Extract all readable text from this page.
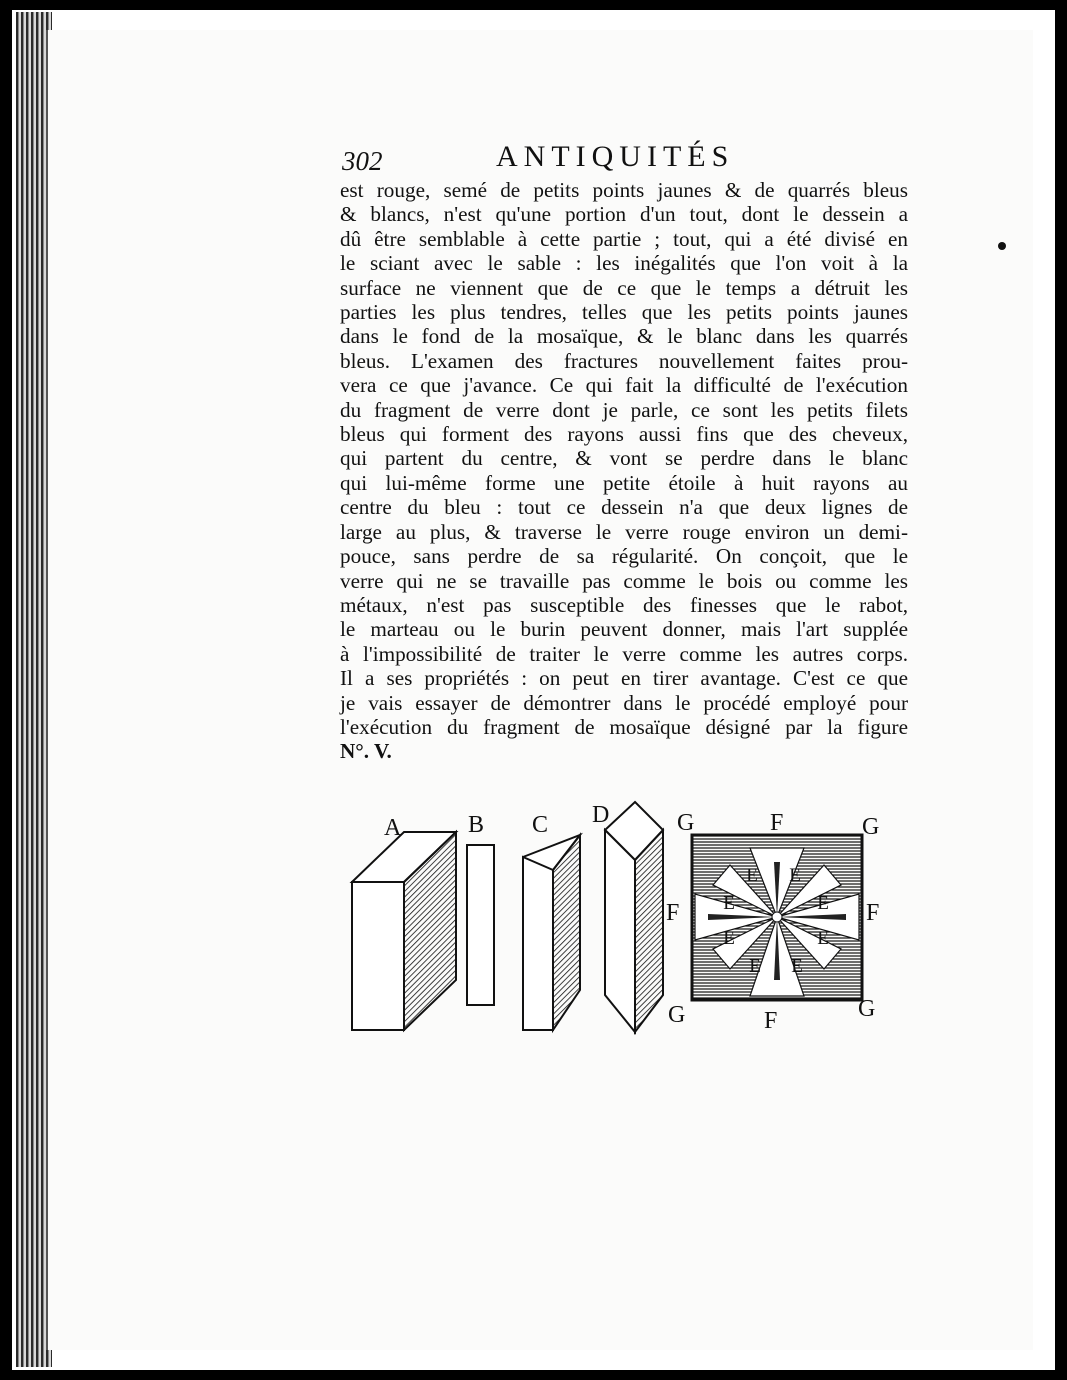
302	ANTIQUITÉS
est rouge, semé de petits points jaunes & de quarrés bleus
& blancs, n'est qu'une portion d'un tout, dont le dessein a
dû être semblable à cette partie ; tout, qui a été divisé en
le sciant avec le sable : les inégalités que l'on voit à la
surface ne viennent que de ce que le temps a détruit les
parties les plus tendres, telles que les petits points jaunes
dans le fond de la mosaïque, & le blanc dans les quarrés
bleus. L'examen des fractures nouvellement faites prou-
vera ce que j'avance. Ce qui fait la difficulté de l'exécution
du fragment de verre dont je parle, ce sont les petits filets
bleus qui forment des rayons aussi fins que des cheveux,
qui partent du centre, & vont se perdre dans le blanc
qui lui-même forme une petite étoile à huit rayons au
centre du bleu : tout ce dessein n'a que deux lignes de
large au plus, & traverse le verre rouge environ un demi-
pouce, sans perdre de sa régularité. On conçoit, que le
verre qui ne se travaille pas comme le bois ou comme les
métaux, n'est pas susceptible des finesses que le rabot,
le marteau ou le burin peuvent donner, mais l'art supplée
à l'impossibilité de traiter le verre comme les autres corps.
Il a ses propriétés : on peut en tirer avantage. C'est ce que
je vais essayer de démontrer dans le procédé employé pour
l'exécution du fragment de mosaïque désigné par la figure
N°. V.
A	B C D	G	F	G
F	F
G	F	G
E E
E	E
E	E
E E
